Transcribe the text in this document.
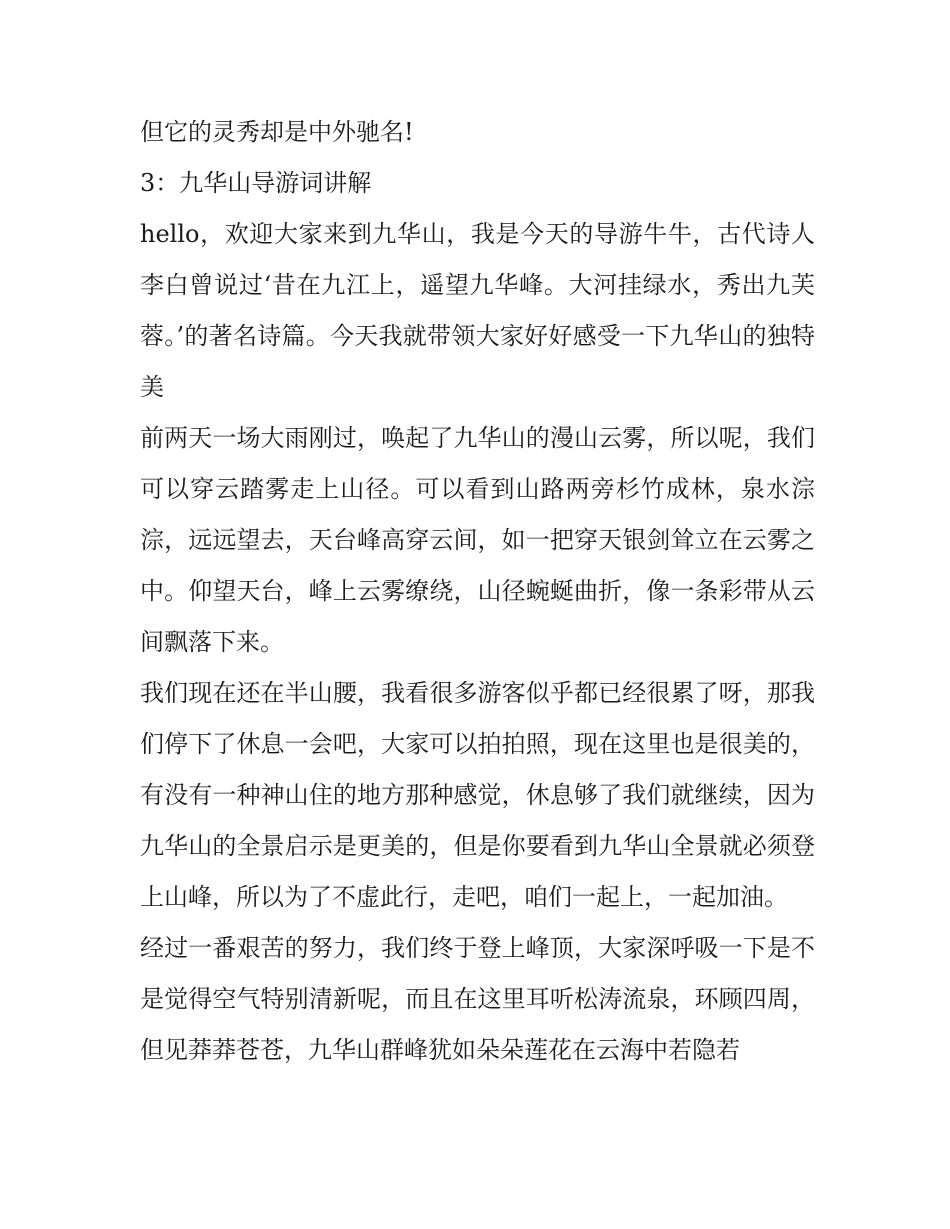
但它的灵秀却是中外驰名!

3：九华山导游词讲解

hello，欢迎大家来到九华山，我是今天的导游牛牛，古代诗人李白曾说过‘昔在九江上，遥望九华峰。大河挂绿水，秀出九芙蓉。’的著名诗篇。今天我就带领大家好好感受一下九华山的独特美

前两天一场大雨刚过，唤起了九华山的漫山云雾，所以呢，我们可以穿云踏雾走上山径。可以看到山路两旁杉竹成林，泉水淙淙，远远望去，天台峰高穿云间，如一把穿天银剑耸立在云雾之中。仰望天台，峰上云雾缭绕，山径蜿蜒曲折，像一条彩带从云间飘落下来。

我们现在还在半山腰，我看很多游客似乎都已经很累了呀，那我们停下了休息一会吧，大家可以拍拍照，现在这里也是很美的，有没有一种神山住的地方那种感觉，休息够了我们就继续，因为九华山的全景启示是更美的，但是你要看到九华山全景就必须登上山峰，所以为了不虚此行，走吧，咱们一起上，一起加油。

经过一番艰苦的努力，我们终于登上峰顶，大家深呼吸一下是不是觉得空气特别清新呢，而且在这里耳听松涛流泉，环顾四周，但见莽莽苍苍，九华山群峰犹如朵朵莲花在云海中若隐若
